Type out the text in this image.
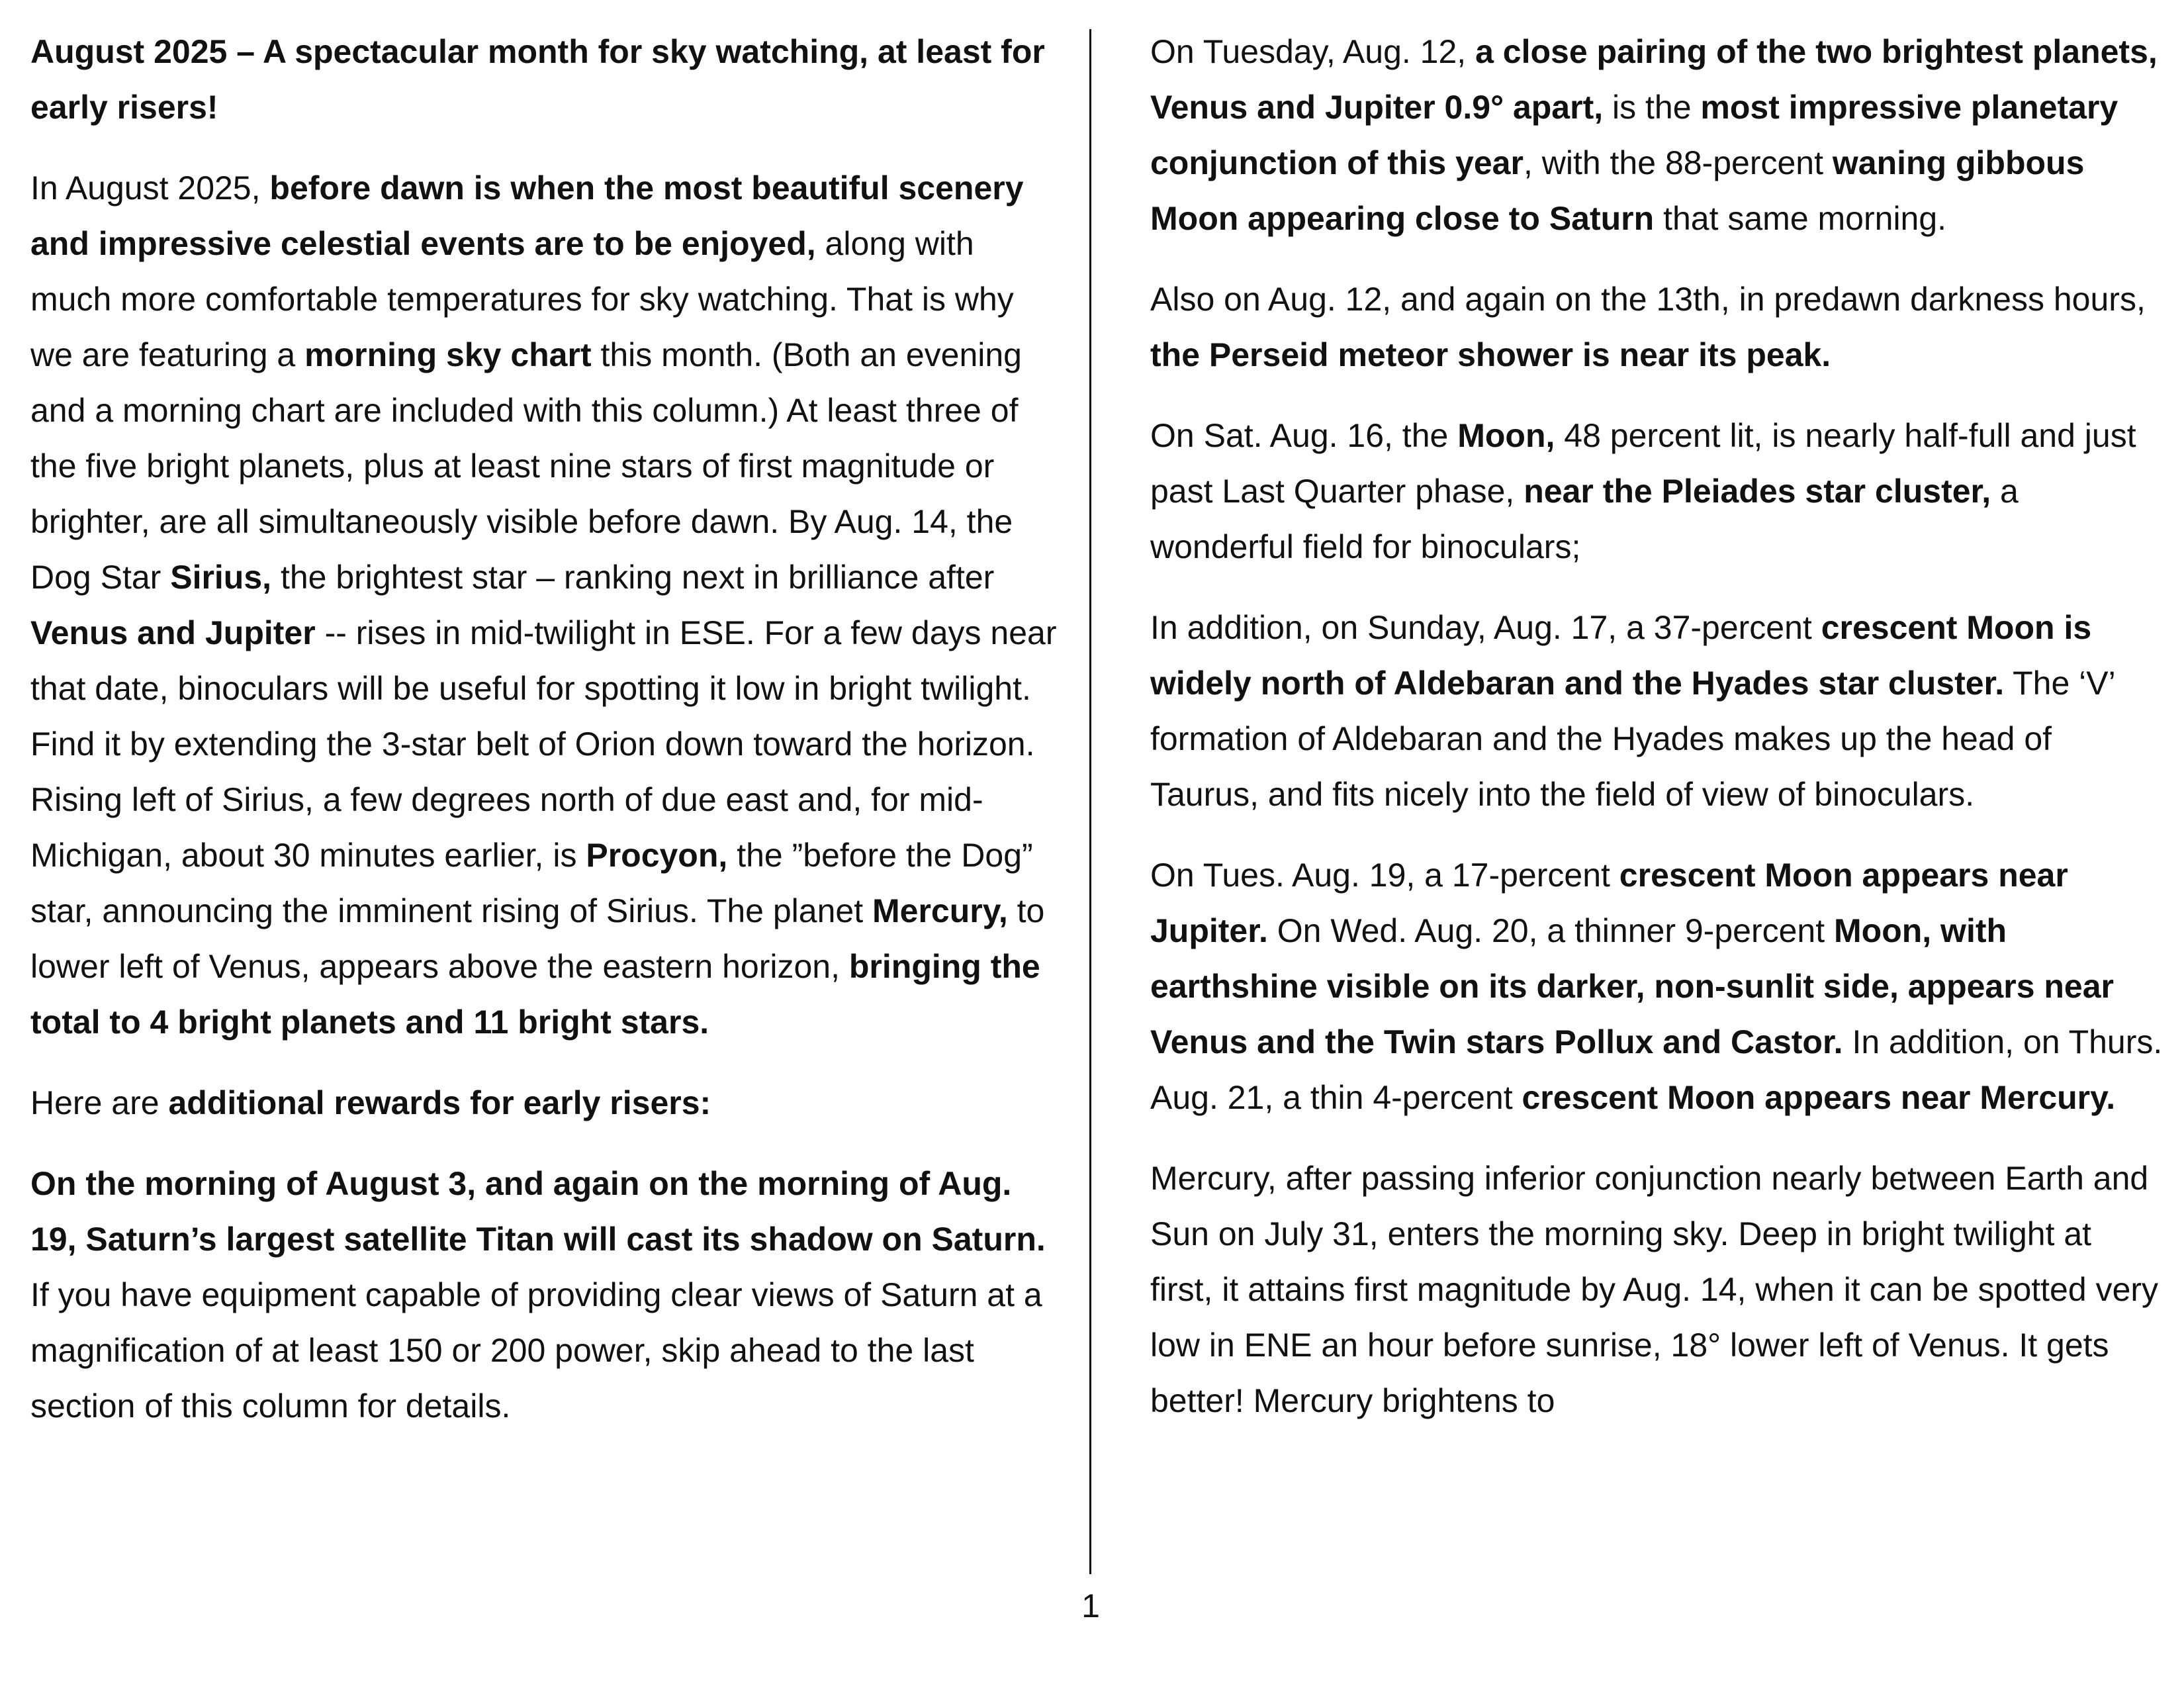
August 2025 – A spectacular month for sky watching, at least for early risers!

In August 2025, before dawn is when the most beautiful scenery and impressive celestial events are to be enjoyed, along with much more comfortable temperatures for sky watching. That is why we are featuring a morning sky chart this month. (Both an evening and a morning chart are included with this column.) At least three of the five bright planets, plus at least nine stars of first magnitude or brighter, are all simultaneously visible before dawn. By Aug. 14, the Dog Star Sirius, the brightest star – ranking next in brilliance after Venus and Jupiter -- rises in mid-twilight in ESE. For a few days near that date, binoculars will be useful for spotting it low in bright twilight. Find it by extending the 3-star belt of Orion down toward the horizon. Rising left of Sirius, a few degrees north of due east and, for mid-Michigan, about 30 minutes earlier, is Procyon, the ”before the Dog” star, announcing the imminent rising of Sirius. The planet Mercury, to lower left of Venus, appears above the eastern horizon, bringing the total to 4 bright planets and 11 bright stars.

Here are additional rewards for early risers:

On the morning of August 3, and again on the morning of Aug. 19, Saturn’s largest satellite Titan will cast its shadow on Saturn. If you have equipment capable of providing clear views of Saturn at a magnification of at least 150 or 200 power, skip ahead to the last section of this column for details.

On Tuesday, Aug. 12, a close pairing of the two brightest planets, Venus and Jupiter 0.9° apart, is the most impressive planetary conjunction of this year, with the 88-percent waning gibbous Moon appearing close to Saturn that same morning.

Also on Aug. 12, and again on the 13th, in predawn darkness hours, the Perseid meteor shower is near its peak.

On Sat. Aug. 16, the Moon, 48 percent lit, is nearly half-full and just past Last Quarter phase, near the Pleiades star cluster, a wonderful field for binoculars;

In addition, on Sunday, Aug. 17, a 37-percent crescent Moon is widely north of Aldebaran and the Hyades star cluster. The ‘V’ formation of Aldebaran and the Hyades makes up the head of Taurus, and fits nicely into the field of view of binoculars.

On Tues. Aug. 19, a 17-percent crescent Moon appears near Jupiter. On Wed. Aug. 20, a thinner 9-percent Moon, with earthshine visible on its darker, non-sunlit side, appears near Venus and the Twin stars Pollux and Castor. In addition, on Thurs. Aug. 21, a thin 4-percent crescent Moon appears near Mercury.

Mercury, after passing inferior conjunction nearly between Earth and Sun on July 31, enters the morning sky. Deep in bright twilight at first, it attains first magnitude by Aug. 14, when it can be spotted very low in ENE an hour before sunrise, 18° lower left of Venus. It gets better! Mercury brightens to

1
